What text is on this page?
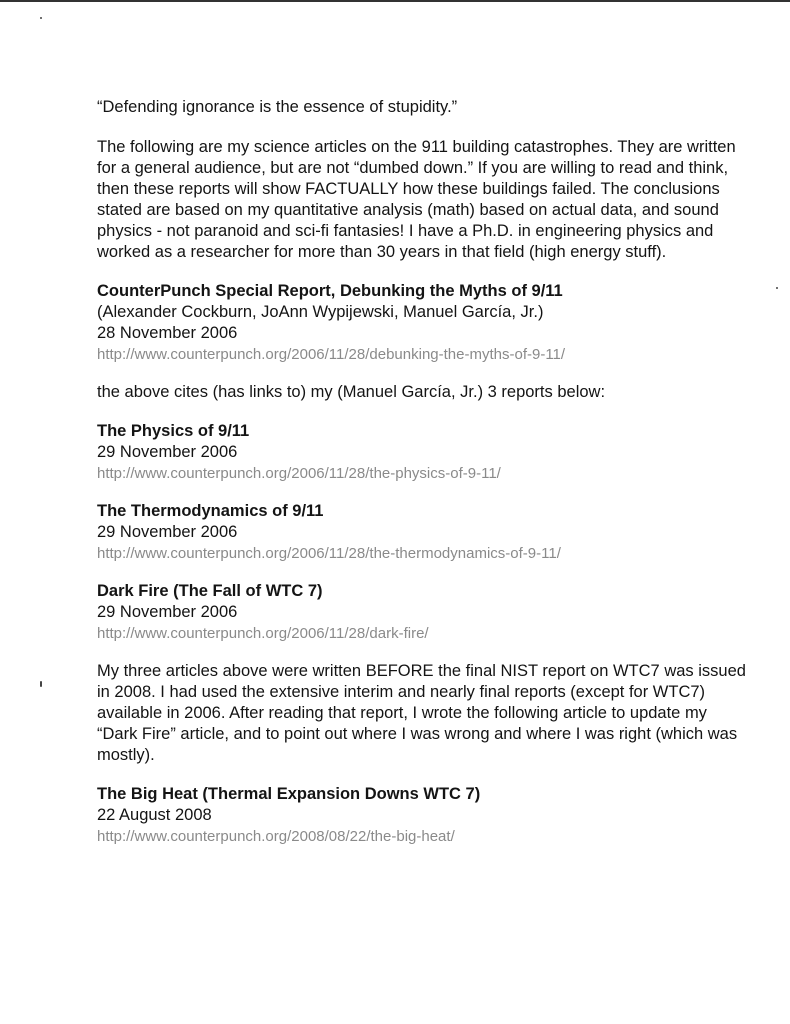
“Defending ignorance is the essence of stupidity.”

The following are my science articles on the 911 building catastrophes. They are written for a general audience, but are not “dumbed down.” If you are willing to read and think, then these reports will show FACTUALLY how these buildings failed. The conclusions stated are based on my quantitative analysis (math) based on actual data, and sound physics - not paranoid and sci-fi fantasies! I have a Ph.D. in engineering physics and worked as a researcher for more than 30 years in that field (high energy stuff).

CounterPunch Special Report, Debunking the Myths of 9/11
(Alexander Cockburn, JoAnn Wypijewski, Manuel García, Jr.)
28 November 2006
http://www.counterpunch.org/2006/11/28/debunking-the-myths-of-9-11/

the above cites (has links to) my (Manuel García, Jr.) 3 reports below:

The Physics of 9/11
29 November 2006
http://www.counterpunch.org/2006/11/28/the-physics-of-9-11/
The Thermodynamics of 9/11
29 November 2006
http://www.counterpunch.org/2006/11/28/the-thermodynamics-of-9-11/
Dark Fire (The Fall of WTC 7)
29 November 2006
http://www.counterpunch.org/2006/11/28/dark-fire/

My three articles above were written BEFORE the final NIST report on WTC7 was issued in 2008. I had used the extensive interim and nearly final reports (except for WTC7) available in 2006. After reading that report, I wrote the following article to update my “Dark Fire” article, and to point out where I was wrong and where I was right (which was mostly).

The Big Heat (Thermal Expansion Downs WTC 7)
22 August 2008
http://www.counterpunch.org/2008/08/22/the-big-heat/
